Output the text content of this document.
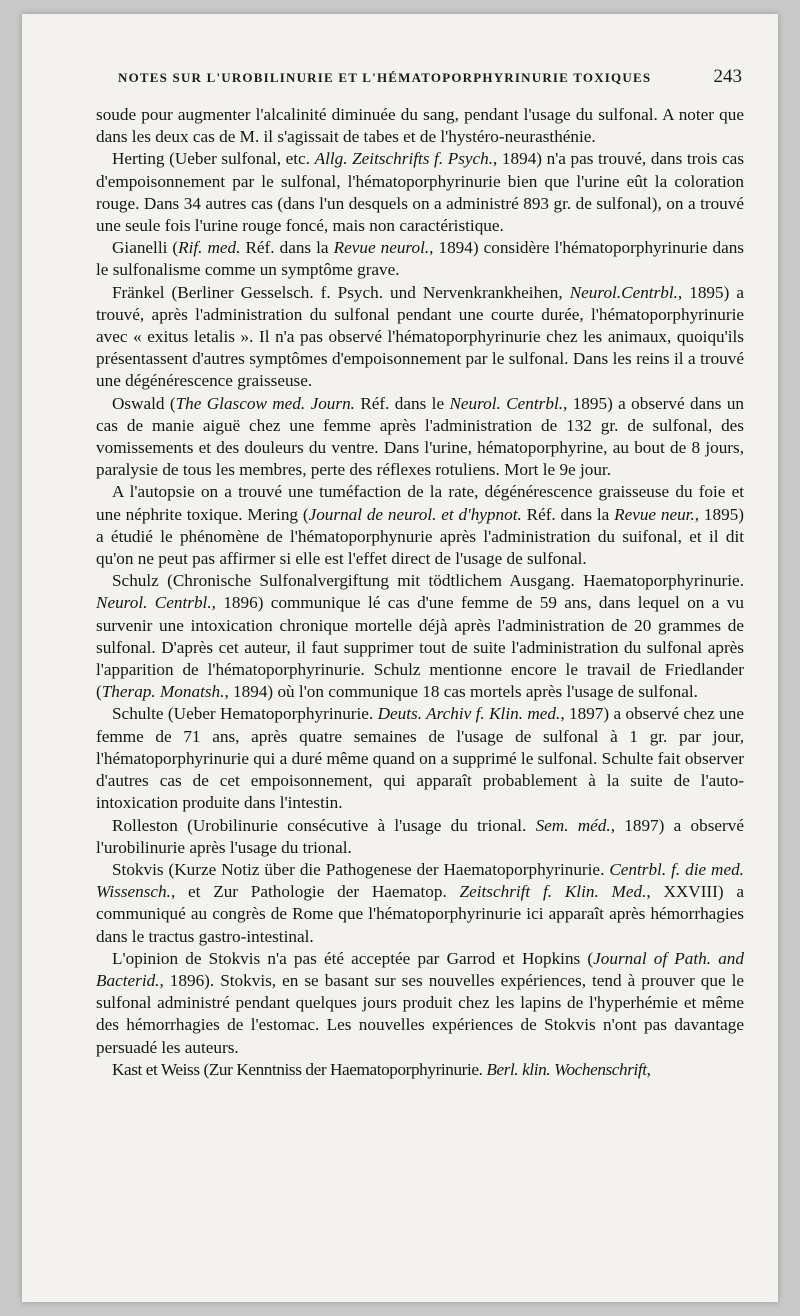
NOTES SUR L'UROBILINURIE ET L'HÉMATOPORPHYRINURIE TOXIQUES	243

soude pour augmenter l'alcalinité diminuée du sang, pendant l'usage du sulfonal. A noter que dans les deux cas de M. il s'agissait de tabes et de l'hystéro-neurasthénie.

Herting (Ueber sulfonal, etc. Allg. Zeitschrifts f. Psych., 1894) n'a pas trouvé, dans trois cas d'empoisonnement par le sulfonal, l'hématoporphyrinurie bien que l'urine eût la coloration rouge. Dans 34 autres cas (dans l'un desquels on a administré 893 gr. de sulfonal), on a trouvé une seule fois l'urine rouge foncé, mais non caractéristique.

Gianelli (Rif. med. Réf. dans la Revue neurol., 1894) considère l'hématoporphyrinurie dans le sulfonalisme comme un symptôme grave.

Fränkel (Berliner Gesselsch. f. Psych. und Nervenkrankheihen, Neurol.Centrbl., 1895) a trouvé, après l'administration du sulfonal pendant une courte durée, l'hématoporphyrinurie avec « exitus letalis ». Il n'a pas observé l'hématoporphyrinurie chez les animaux, quoiqu'ils présentassent d'autres symptômes d'empoisonnement par le sulfonal. Dans les reins il a trouvé une dégénérescence graisseuse.

Oswald (The Glascow med. Journ. Réf. dans le Neurol. Centrbl., 1895) a observé dans un cas de manie aiguë chez une femme après l'administration de 132 gr. de sulfonal, des vomissements et des douleurs du ventre. Dans l'urine, hématoporphyrine, au bout de 8 jours, paralysie de tous les membres, perte des réflexes rotuliens. Mort le 9e jour.

A l'autopsie on a trouvé une tuméfaction de la rate, dégénérescence graisseuse du foie et une néphrite toxique. Mering (Journal de neurol. et d'hypnot. Réf. dans la Revue neur., 1895) a étudié le phénomène de l'hématoporphynurie après l'administration du suifonal, et il dit qu'on ne peut pas affirmer si elle est l'effet direct de l'usage de sulfonal.

Schulz (Chronische Sulfonalvergiftung mit tödtlichem Ausgang. Haematoporphyrinurie. Neurol. Centrbl., 1896) communique lé cas d'une femme de 59 ans, dans lequel on a vu survenir une intoxication chronique mortelle déjà après l'administration de 20 grammes de sulfonal. D'après cet auteur, il faut supprimer tout de suite l'administration du sulfonal après l'apparition de l'hématoporphyrinurie. Schulz mentionne encore le travail de Friedlander (Therap. Monatsh., 1894) où l'on communique 18 cas mortels après l'usage de sulfonal.

Schulte (Ueber Hematoporphyrinurie. Deuts. Archiv f. Klin. med., 1897) a observé chez une femme de 71 ans, après quatre semaines de l'usage de sulfonal à 1 gr. par jour, l'hématoporphyrinurie qui a duré même quand on a supprimé le sulfonal. Schulte fait observer d'autres cas de cet empoisonnement, qui apparaît probablement à la suite de l'auto-intoxication produite dans l'intestin.

Rolleston (Urobilinurie consécutive à l'usage du trional. Sem. méd., 1897) a observé l'urobilinurie après l'usage du trional.

Stokvis (Kurze Notiz über die Pathogenese der Haematoporphyrinurie. Centrbl. f. die med. Wissensch., et Zur Pathologie der Haematop. Zeitschrift f. Klin. Med., XXVIII) a communiqué au congrès de Rome que l'hématoporphyrinurie ici apparaît après hémorrhagies dans le tractus gastro-intestinal.

L'opinion de Stokvis n'a pas été acceptée par Garrod et Hopkins (Journal of Path. and Bacterid., 1896). Stokvis, en se basant sur ses nouvelles expériences, tend à prouver que le sulfonal administré pendant quelques jours produit chez les lapins de l'hyperhémie et même des hémorrhagies de l'estomac. Les nouvelles expériences de Stokvis n'ont pas davantage persuadé les auteurs.

Kast et Weiss (Zur Kenntniss der Haematoporphyrinurie. Berl. klin. Wochenschrift,
